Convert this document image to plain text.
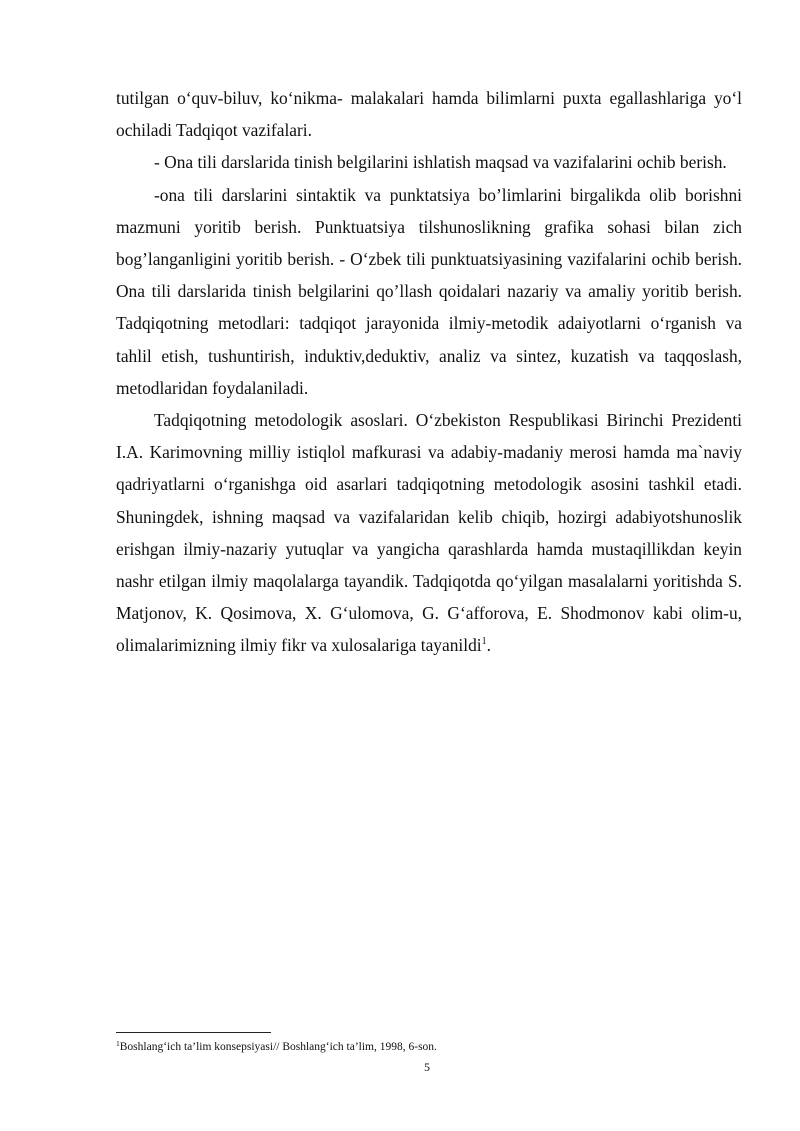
tutilgan o‘quv-biluv, ko‘nikma- malakalari hamda bilimlarni puxta egallashlariga yo‘l ochiladi Tadqiqot vazifalari.

- Ona tili darslarida tinish belgilarini ishlatish maqsad va vazifalarini ochib berish.

-ona tili darslarini sintaktik va punktatsiya bo’limlarini birgalikda olib borishni mazmuni yoritib berish. Punktuatsiya tilshunoslikning grafika sohasi bilan zich bog’langanligini yoritib berish. - O‘zbek tili punktuatsiyasining vazifalarini ochib berish. Ona tili darslarida tinish belgilarini qo’llash qoidalari nazariy va amaliy yoritib berish. Tadqiqotning metodlari: tadqiqot jarayonida ilmiy-metodik adaiyotlarni o‘rganish va tahlil etish, tushuntirish, induktiv,deduktiv, analiz va sintez, kuzatish va taqqoslash, metodlaridan foydalaniladi.

Tadqiqotning metodologik asoslari. O‘zbekiston Respublikasi Birinchi Prezidenti I.A. Karimovning milliy istiqlol mafkurasi va adabiy-madaniy merosi hamda ma`naviy qadriyatlarni o‘rganishga oid asarlari tadqiqotning metodologik asosini tashkil etadi. Shuningdek, ishning maqsad va vazifalaridan kelib chiqib, hozirgi adabiyotshunoslik erishgan ilmiy-nazariy yutuqlar va yangicha qarashlarda hamda mustaqillikdan keyin nashr etilgan ilmiy maqolalarga tayandik. Tadqiqotda qo‘yilgan masalalarni yoritishda S. Matjonov, K. Qosimova, X. G‘ulomova, G. G‘afforova, E. Shodmonov kabi olim-u, olimalarimizning ilmiy fikr va xulosalariga tayanildi$^1$.

$^1$Boshlang‘ich ta’lim konsepsiyasi// Boshlang‘ich ta’lim, 1998, 6-son.
5
